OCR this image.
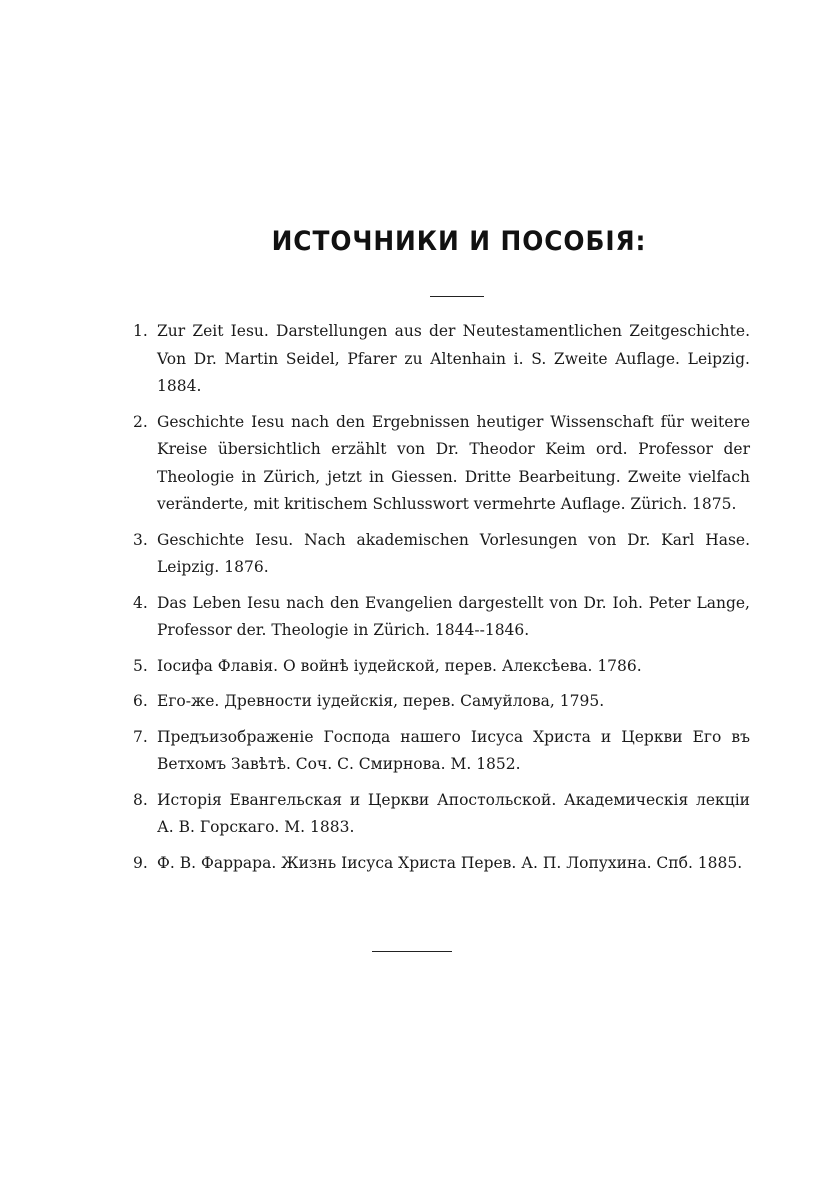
ИСТОЧНИКИ И ПОСОБІЯ:
1. Zur Zeit Iesu. Darstellungen aus der Neutestamentlichen Zeitgeschichte. Von Dr. Martin Seidel, Pfarer zu Altenhain i. S. Zweite Auflage. Leipzig. 1884.
2. Geschichte Iesu nach den Ergebnissen heutiger Wissenschaft für weitere Kreise übersichtlich erzählt von Dr. Theodor Keim ord. Professor der Theologie in Zürich, jetzt in Giessen. Dritte Bearbeitung. Zweite vielfach veränderte, mit kritischem Schlusswort vermehrte Auflage. Zürich. 1875.
3. Geschichte Iesu. Nach akademischen Vorlesungen von Dr. Karl Hase. Leipzig. 1876.
4. Das Leben Iesu nach den Evangelien dargestellt von Dr. Ioh. Peter Lange, Professor der. Theologie in Zürich. 1844--1846.
5. Іосифа Флавія. О войнѣ іудейской, перев. Алексѣева. 1786.
6. Его-же. Древности іудейскія, перев. Самуйлова, 1795.
7. Предъизображеніе Господа нашего Іисуса Христа и Церкви Его въ Ветхомъ Завѣтѣ. Соч. С. Смирнова. М. 1852.
8. Исторія Евангельская и Церкви Апостольской. Академическія лекціи А. В. Горскаго. М. 1883.
9. Ф. В. Фаррара. Жизнь Іисуса Христа Перев. А. П. Лопухина. Спб. 1885.
